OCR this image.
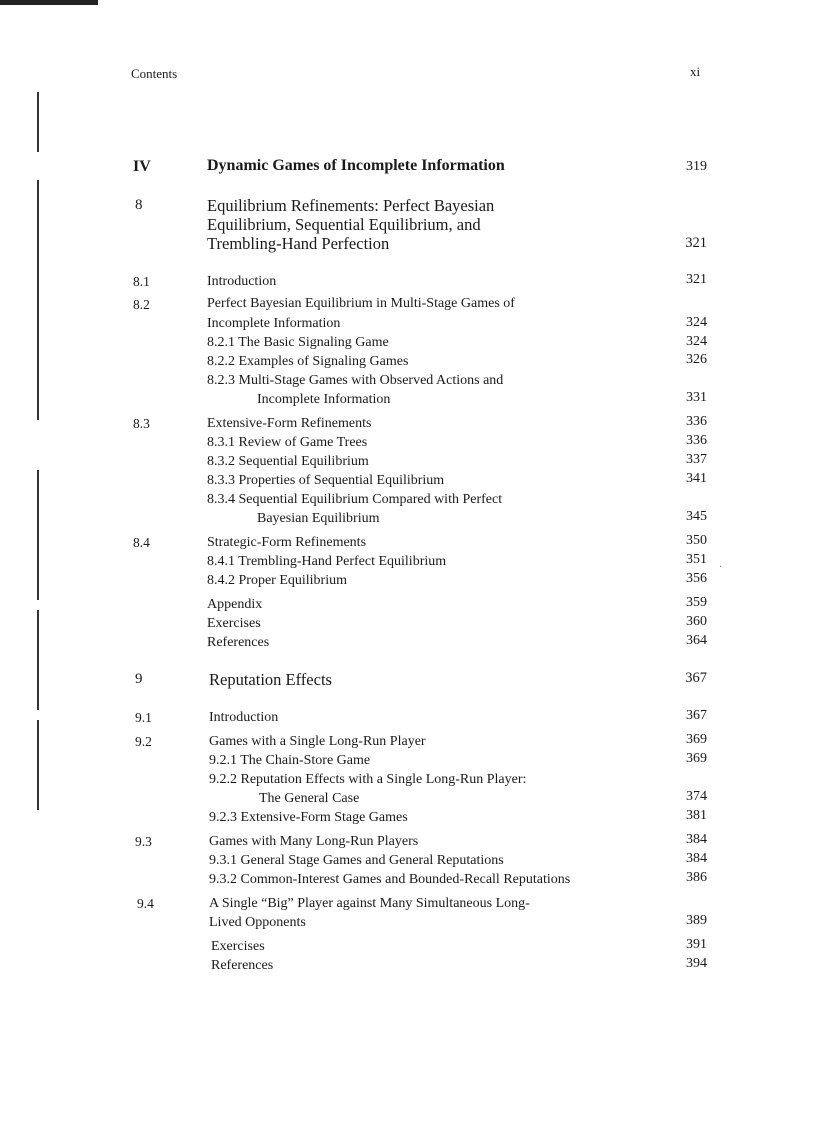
·
Contents	xi
IV	Dynamic Games of Incomplete Information	319
8	Equilibrium Refinements: Perfect Bayesian
Equilibrium, Sequential Equilibrium, and
Trembling-Hand Perfection	321
8.1	Introduction	321
8.2	Perfect Bayesian Equilibrium in Multi-Stage Games of
Incomplete Information	324
8.2.1 The Basic Signaling Game	324
8.2.2 Examples of Signaling Games	326
8.2.3 Multi-Stage Games with Observed Actions and
Incomplete Information	331
8.3	Extensive-Form Refinements	336
8.3.1 Review of Game Trees	336
8.3.2 Sequential Equilibrium	337
8.3.3 Properties of Sequential Equilibrium	341
8.3.4 Sequential Equilibrium Compared with Perfect
Bayesian Equilibrium	345
8.4	Strategic-Form Refinements	350
8.4.1 Trembling-Hand Perfect Equilibrium	351
8.4.2 Proper Equilibrium	356
Appendix	359
Exercises	360
References	364
9	Reputation Effects	367
9.1	Introduction	367
9.2	Games with a Single Long-Run Player	369
9.2.1 The Chain-Store Game	369
9.2.2 Reputation Effects with a Single Long-Run Player:
The General Case	374
9.2.3 Extensive-Form Stage Games	381
9.3	Games with Many Long-Run Players	384
9.3.1 General Stage Games and General Reputations	384
9.3.2 Common-Interest Games and Bounded-Recall Reputations	386
9.4	A Single “Big” Player against Many Simultaneous Long-
Lived Opponents	389
Exercises	391
References	394
